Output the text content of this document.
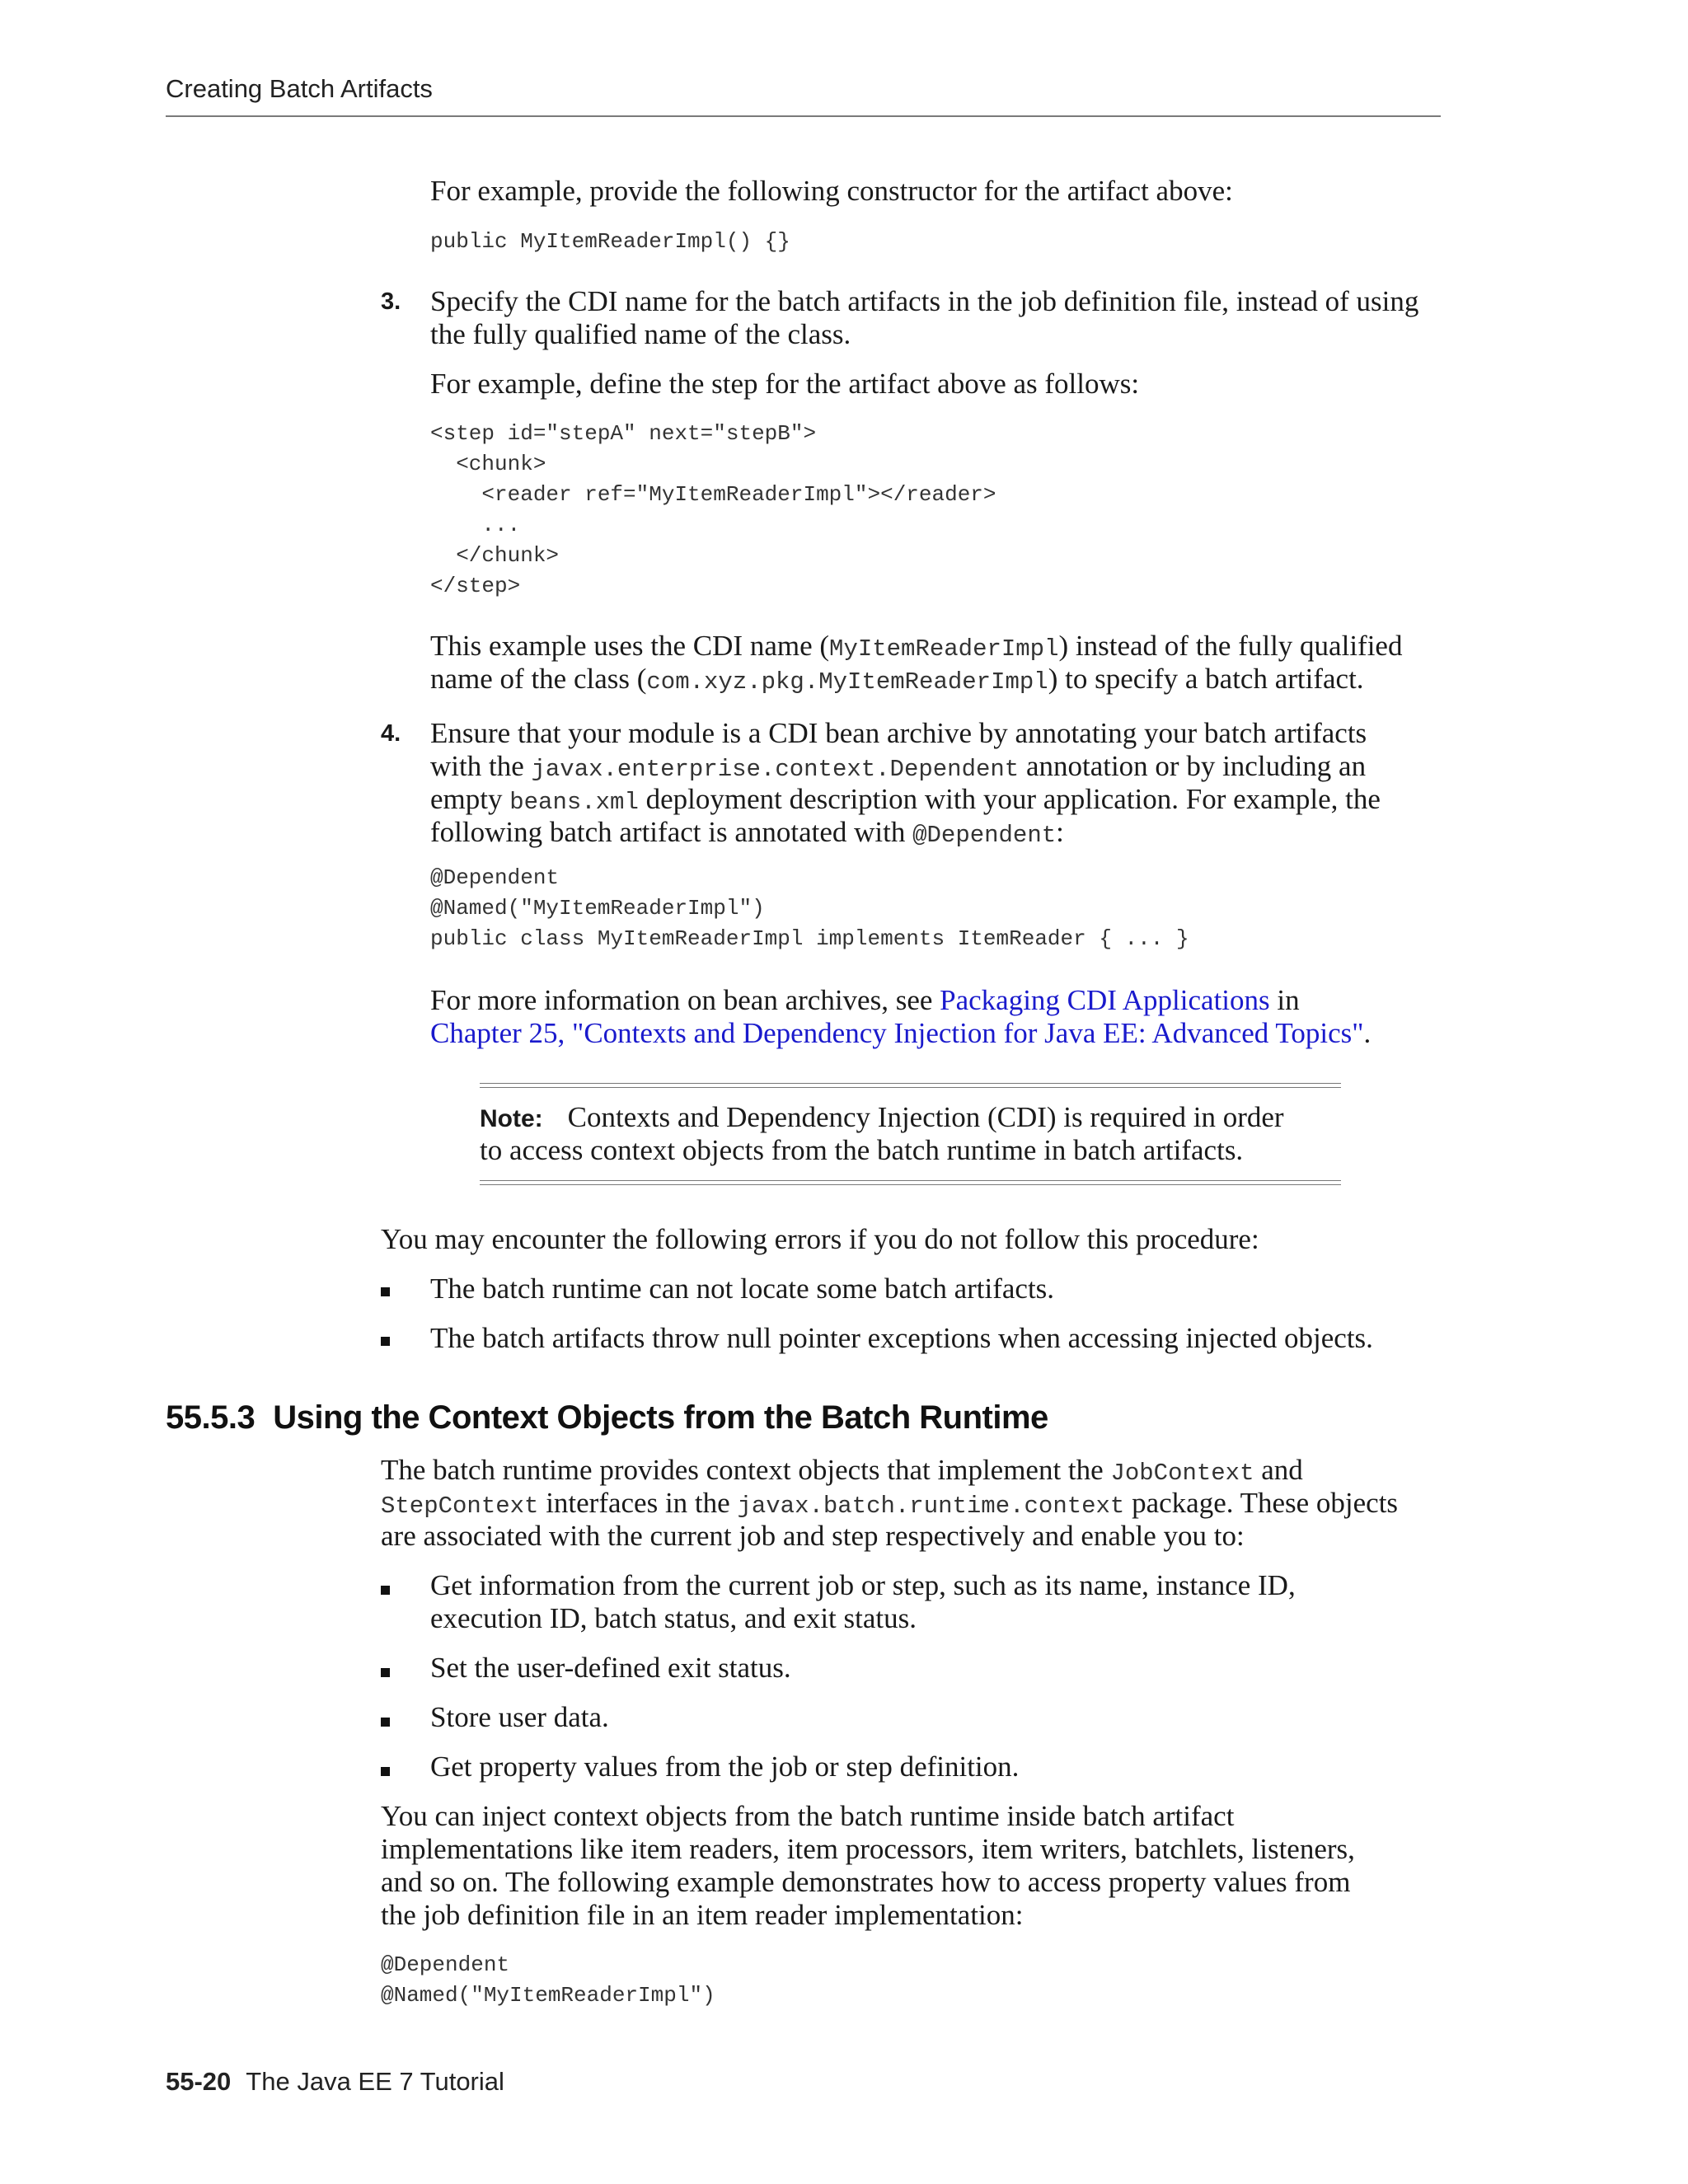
Creating Batch Artifacts
For example, provide the following constructor for the artifact above:
public MyItemReaderImpl() {}
3. Specify the CDI name for the batch artifacts in the job definition file, instead of using the fully qualified name of the class.
For example, define the step for the artifact above as follows:
<step id="stepA" next="stepB">
<chunk>
<reader ref="MyItemReaderImpl"></reader>
...
</chunk>
</step>
This example uses the CDI name (MyItemReaderImpl) instead of the fully qualified
name of the class (com.xyz.pkg.MyItemReaderImpl) to specify a batch artifact.
4. Ensure that your module is a CDI bean archive by annotating your batch artifacts
with the javax.enterprise.context.Dependent annotation or by including an
empty beans.xml deployment description with your application. For example, the
following batch artifact is annotated with @Dependent:
@Dependent
@Named("MyItemReaderImpl")
public class MyItemReaderImpl implements ItemReader { ... }
For more information on bean archives, see Packaging CDI Applications in
Chapter 25, "Contexts and Dependency Injection for Java EE: Advanced Topics".
Note: Contexts and Dependency Injection (CDI) is required in order
to access context objects from the batch runtime in batch artifacts.
You may encounter the following errors if you do not follow this procedure:
The batch runtime can not locate some batch artifacts.
The batch artifacts throw null pointer exceptions when accessing injected objects.
55.5.3 Using the Context Objects from the Batch Runtime
The batch runtime provides context objects that implement the JobContext and
StepContext interfaces in the javax.batch.runtime.context package. These objects
are associated with the current job and step respectively and enable you to:
Get information from the current job or step, such as its name, instance ID,
execution ID, batch status, and exit status.
Set the user-defined exit status.
Store user data.
Get property values from the job or step definition.
You can inject context objects from the batch runtime inside batch artifact
implementations like item readers, item processors, item writers, batchlets, listeners,
and so on. The following example demonstrates how to access property values from
the job definition file in an item reader implementation:
@Dependent
@Named("MyItemReaderImpl")
55-20 The Java EE 7 Tutorial
